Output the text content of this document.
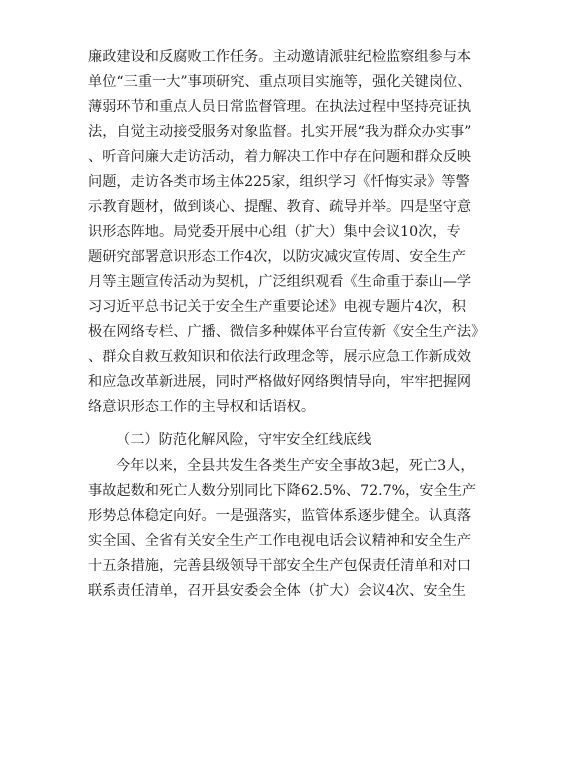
廉政建设和反腐败工作任务。主动邀请派驻纪检监察组参与本
单位“三重一大”事项研究、重点项目实施等，强化关键岗位、
薄弱环节和重点人员日常监督管理。在执法过程中坚持亮证执
法，自觉主动接受服务对象监督。扎实开展“我为群众办实事”
、听音问廉大走访活动，着力解决工作中存在问题和群众反映
问题，走访各类市场主体225家，组织学习《忏悔实录》等警
示教育题材，做到谈心、提醒、教育、疏导并举。四是坚守意
识形态阵地。局党委开展中心组（扩大）集中会议10次，专
题研究部署意识形态工作4次，以防灾减灾宣传周、安全生产
月等主题宣传活动为契机，广泛组织观看《生命重于泰山—学
习习近平总书记关于安全生产重要论述》电视专题片4次，积
极在网络专栏、广播、微信多种媒体平台宣传新《安全生产法》
、群众自救互救知识和依法行政理念等，展示应急工作新成效
和应急改革新进展，同时严格做好网络舆情导向，牢牢把握网
络意识形态工作的主导权和话语权。
（二）防范化解风险，守牢安全红线底线
今年以来，全县共发生各类生产安全事故3起，死亡3人，
事故起数和死亡人数分别同比下降62.5%、72.7%，安全生产
形势总体稳定向好。一是强落实，监管体系逐步健全。认真落
实全国、全省有关安全生产工作电视电话会议精神和安全生产
十五条措施，完善县级领导干部安全生产包保责任清单和对口
联系责任清单，召开县安委会全体（扩大）会议4次、安全生
